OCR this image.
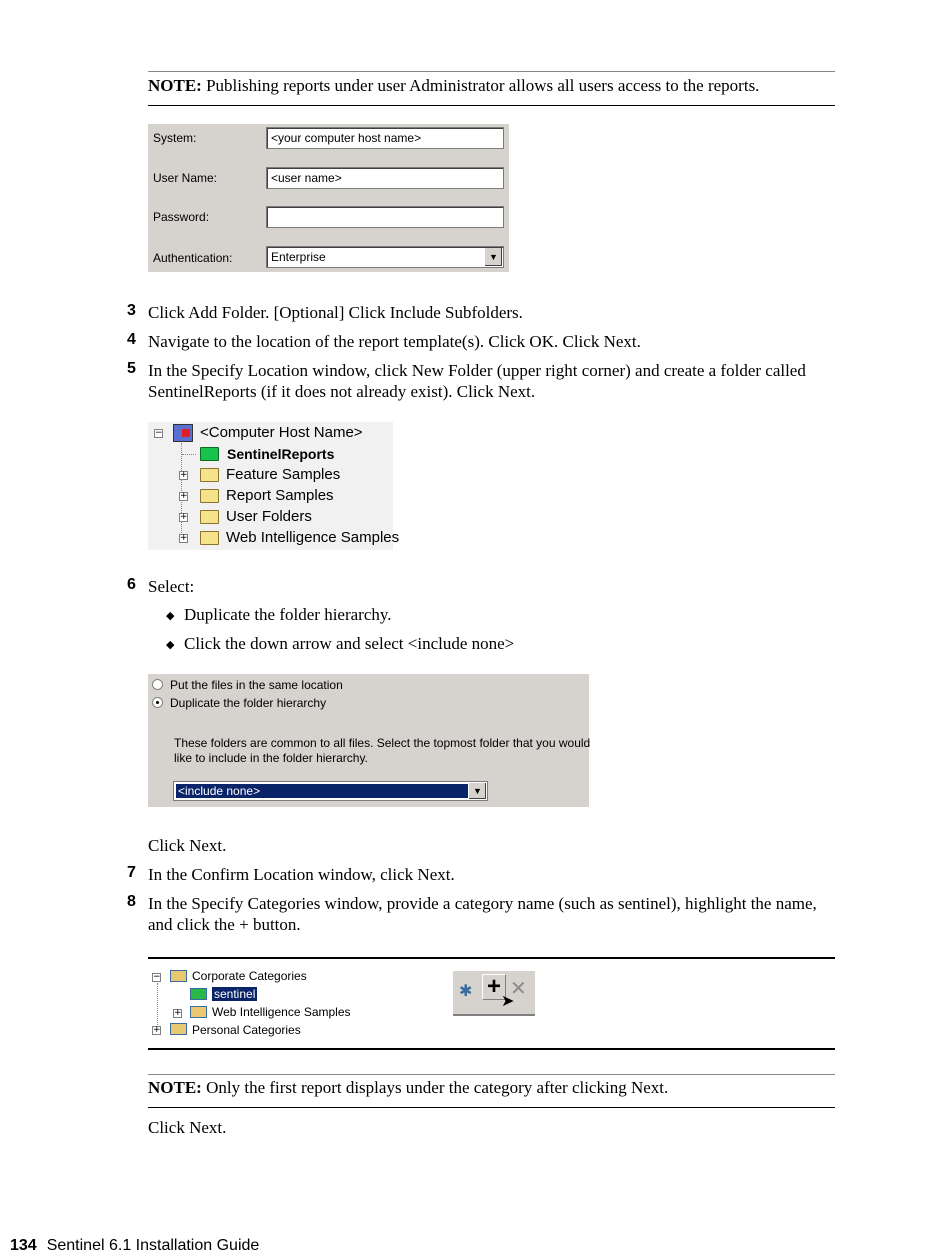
NOTE: Publishing reports under user Administrator allows all users access to the reports.
System:	<your computer host name>
User Name:	<user name>
Password:
Authentication:	Enterprise	▼
3 Click Add Folder. [Optional] Click Include Subfolders.
4 Navigate to the location of the report template(s). Click OK. Click Next.
5 In the Specify Location window, click New Folder (upper right corner) and create a folder called SentinelReports (if it does not already exist). Click Next.
− <Computer Host Name>
SentinelReports
+	Feature Samples
+	Report Samples
+	User Folders
+	Web Intelligence Samples
6 Select:
◆ Duplicate the folder hierarchy.
◆ Click the down arrow and select <include none>
Put the files in the same location
Duplicate the folder hierarchy
These folders are common to all files. Select the topmost folder that you would
like to include in the folder hierarchy.
<include none>	▼
Click Next.
7 In the Confirm Location window, click Next.
8 In the Specify Categories window, provide a category name (such as sentinel), highlight the name, and click the + button.
−	Corporate Categories
sentinel
+	Web Intelligence Samples
+	Personal Categories
✱ + ✕
➤
NOTE: Only the first report displays under the category after clicking Next.
Click Next.
134 Sentinel 6.1 Installation Guide
